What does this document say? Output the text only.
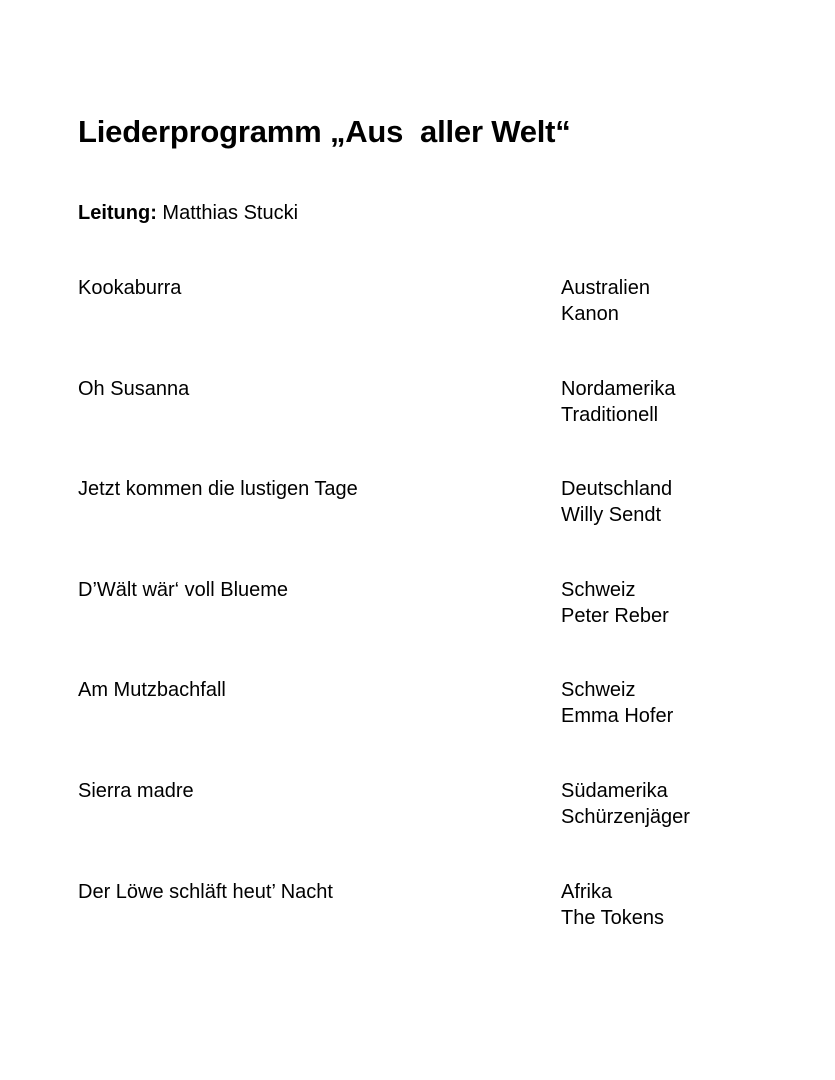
Liederprogramm „Aus  aller Welt“
Leitung: Matthias Stucki
Kookaburra	Australien
Kanon
Oh Susanna	Nordamerika
Traditionell
Jetzt kommen die lustigen Tage	Deutschland
Willy Sendt
D’Wält wär‘ voll Blueme	Schweiz
Peter Reber
Am Mutzbachfall	Schweiz
Emma Hofer
Sierra madre	Südamerika
Schürzenjäger
Der Löwe schläft heut’ Nacht	Afrika
The Tokens
